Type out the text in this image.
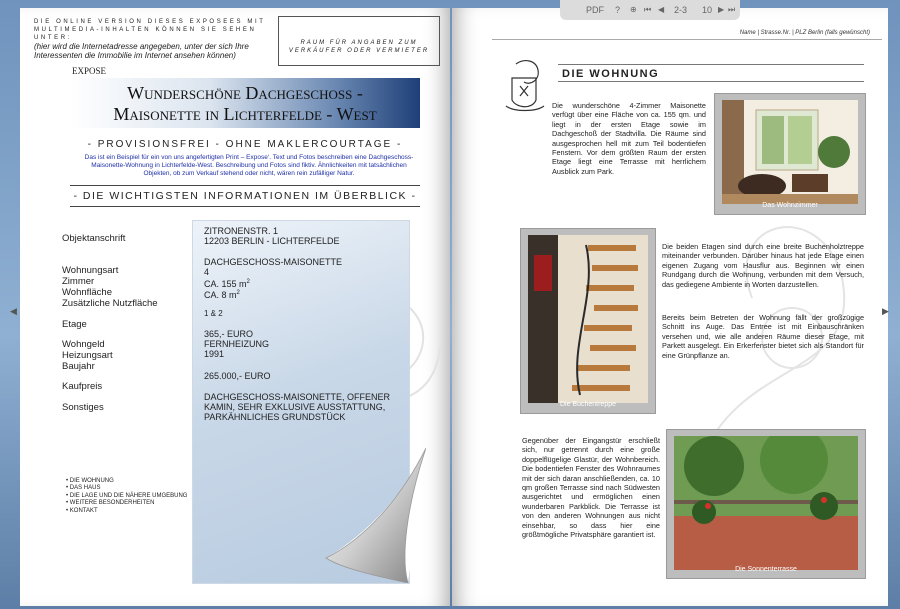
◀	▶
DIE ONLINE VERSION DIESES EXPOSEES MIT MULTIMEDIA-INHALTEN KÖNNEN SIE SEHEN UNTER:
(hier wird die Internetadresse angegeben, unter der sich Ihre Interessenten die Immobilie im Internet ansehen können)
RAUM FÜR ANGABEN ZUM VERKÄUFER ODER VERMIETER
EXPOSE
Wunderschöne Dachgeschoss -
Maisonette in Lichterfelde - West
- PROVISIONSFREI - OHNE MAKLERCOURTAGE -
Das ist ein Beispiel für ein von uns angefertigten Print – Expose‘. Text und Fotos beschreiben eine Dachgeschoss-Maisonette-Wohnung in Lichterfelde-West. Beschreibung und Fotos sind fiktiv. Ähnlichkeiten mit tatsächlichen Objekten, ob zum Verkauf stehend oder nicht, wären rein zufälliger Natur.
- DIE WICHTIGSTEN INFORMATIONEN IM ÜBERBLICK -
Objektanschrift
Wohnungsart
Zimmer
Wohnfläche
Zusätzliche Nutzfläche
Etage
Wohngeld
Heizungsart
Baujahr
Kaufpreis
Sonstiges
ZITRONENSTR. 1
12203 BERLIN - LICHTERFELDE
DACHGESCHOSS-MAISONETTE
4
CA. 155 $m^2$
CA. 8 $m^2$
1 & 2
365,- EURO
FERNHEIZUNG
1991
265.000,- EURO
DACHGESCHOSS-MAISONETTE, OFFENER
KAMIN, SEHR EXKLUSIVE AUSSTATTUNG,
PARKÄHNLICHES GRUNDSTÜCK
• DIE WOHNUNG
• DAS HAUS
• DIE LAGE UND DIE NÄHERE UMGEBUNG
• WEITERE BESONDERHEITEN
• KONTAKT
Name | Strasse.Nr. | PLZ Berlin (falls gewünscht)
DIE WOHNUNG
Die wunderschöne 4-Zimmer Maisonette verfügt über eine Fläche von ca. 155 qm. und liegt in der ersten Etage sowie im Dachgeschoß der Stadtvilla. Die Räume sind ausgesprochen hell mit zum Teil bodentiefen Fenstern. Vor dem größten Raum der ersten Etage liegt eine Terrasse mit herrlichem Ausblick zum Park.
Das Wohnzimmer
Die Buchentreppe
Die beiden Etagen sind durch eine breite Buchenholztreppe miteinander verbunden. Darüber hinaus hat jede Etage einen eigenen Zugang vom Hausflur aus. Beginnen wir einen Rundgang durch die Wohnung, verbunden mit dem Versuch, das gediegene Ambiente in Worten darzustellen.
Bereits beim Betreten der Wohnung fällt der großzügige Schnitt ins Auge. Das Entree ist mit Einbauschränken versehen und, wie alle anderen Räume dieser Etage, mit Parkett ausgelegt. Ein Erkerfenster bietet sich als Standort für eine Grünpflanze an.
Gegenüber der Eingangstür erschließt sich, nur getrennt durch eine große doppelflügelige Glastür, der Wohnbereich. Die bodentiefen Fenster des Wohnraumes mit der sich daran anschließenden, ca. 10 qm großen Terrasse sind nach Südwesten ausgerichtet und ermöglichen einen wunderbaren Parkblick. Die Terrasse ist von den anderen Wohnungen aus nicht einsehbar, so dass hier eine größtmögliche Privatsphäre garantiert ist.
Die Sonnenterrasse
PDF ? ⊕ ⏮ ◀ 2-3 10 ▶ ⏭
